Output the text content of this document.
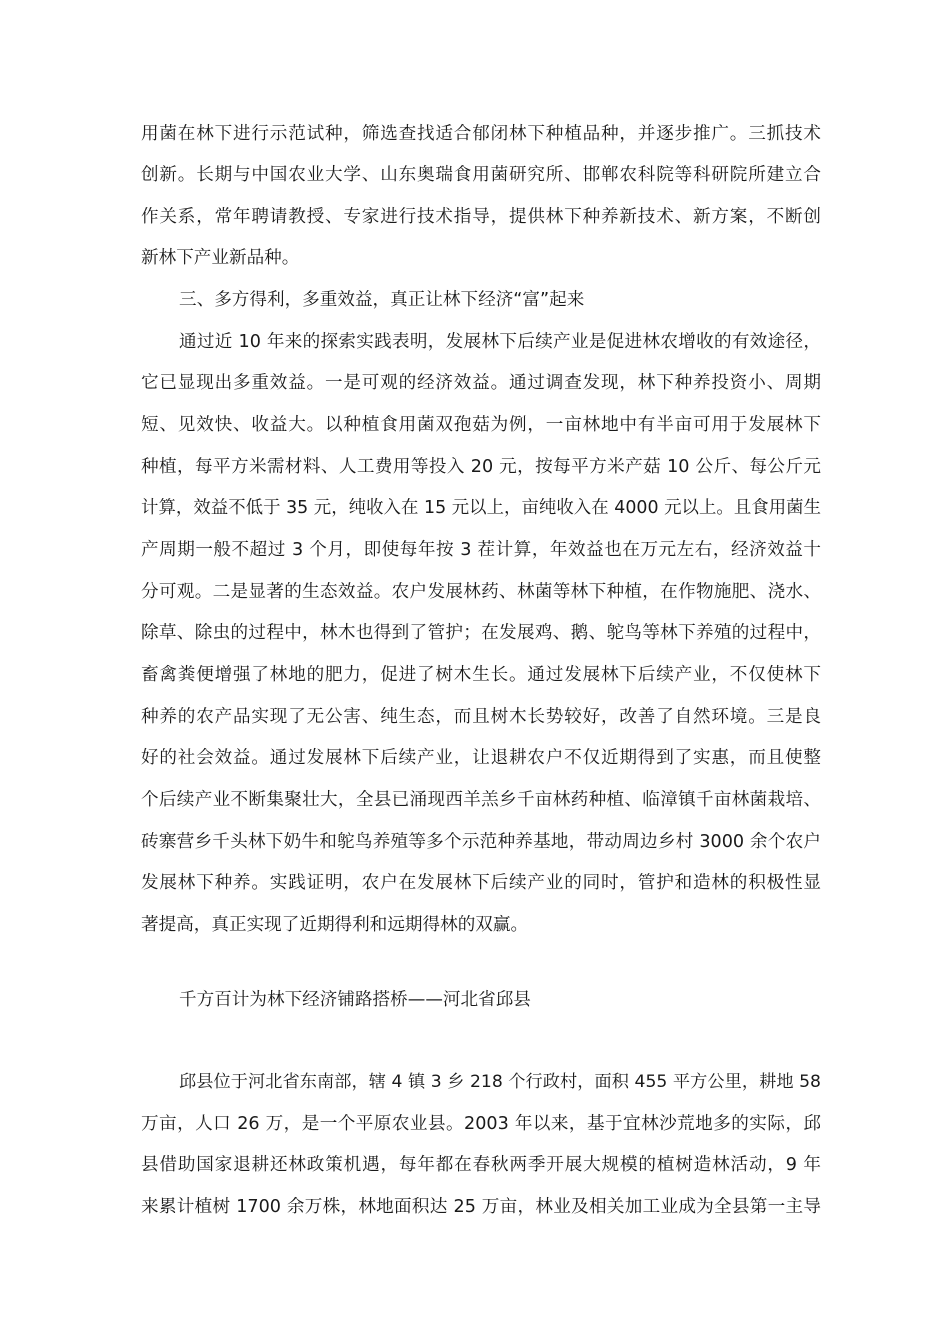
用菌在林下进行示范试种，筛选查找适合郁闭林下种植品种，并逐步推广。三抓技术
创新。长期与中国农业大学、山东奥瑞食用菌研究所、邯郸农科院等科研院所建立合
作关系，常年聘请教授、专家进行技术指导，提供林下种养新技术、新方案，不断创
新林下产业新品种。
三、多方得利，多重效益，真正让林下经济“富”起来
通过近 10 年来的探索实践表明，发展林下后续产业是促进林农增收的有效途径，
它已显现出多重效益。一是可观的经济效益。通过调查发现，林下种养投资小、周期
短、见效快、收益大。以种植食用菌双孢菇为例，一亩林地中有半亩可用于发展林下
种植，每平方米需材料、人工费用等投入 20 元，按每平方米产菇 10 公斤、每公斤元
计算，效益不低于 35 元，纯收入在 15 元以上，亩纯收入在 4000 元以上。且食用菌生
产周期一般不超过 3 个月，即使每年按 3 茬计算，年效益也在万元左右，经济效益十
分可观。二是显著的生态效益。农户发展林药、林菌等林下种植，在作物施肥、浇水、
除草、除虫的过程中，林木也得到了管护；在发展鸡、鹅、鸵鸟等林下养殖的过程中，
畜禽粪便增强了林地的肥力，促进了树木生长。通过发展林下后续产业，不仅使林下
种养的农产品实现了无公害、纯生态，而且树木长势较好，改善了自然环境。三是良
好的社会效益。通过发展林下后续产业，让退耕农户不仅近期得到了实惠，而且使整
个后续产业不断集聚壮大，全县已涌现西羊羔乡千亩林药种植、临漳镇千亩林菌栽培、
砖寨营乡千头林下奶牛和鸵鸟养殖等多个示范种养基地，带动周边乡村 3000 余个农户
发展林下种养。实践证明，农户在发展林下后续产业的同时，管护和造林的积极性显
著提高，真正实现了近期得利和远期得林的双赢。
千方百计为林下经济铺路搭桥——河北省邱县
邱县位于河北省东南部，辖 4 镇 3 乡 218 个行政村，面积 455 平方公里，耕地 58
万亩，人口 26 万，是一个平原农业县。2003 年以来，基于宜林沙荒地多的实际，邱
县借助国家退耕还林政策机遇，每年都在春秋两季开展大规模的植树造林活动，9 年
来累计植树 1700 余万株，林地面积达 25 万亩，林业及相关加工业成为全县第一主导
